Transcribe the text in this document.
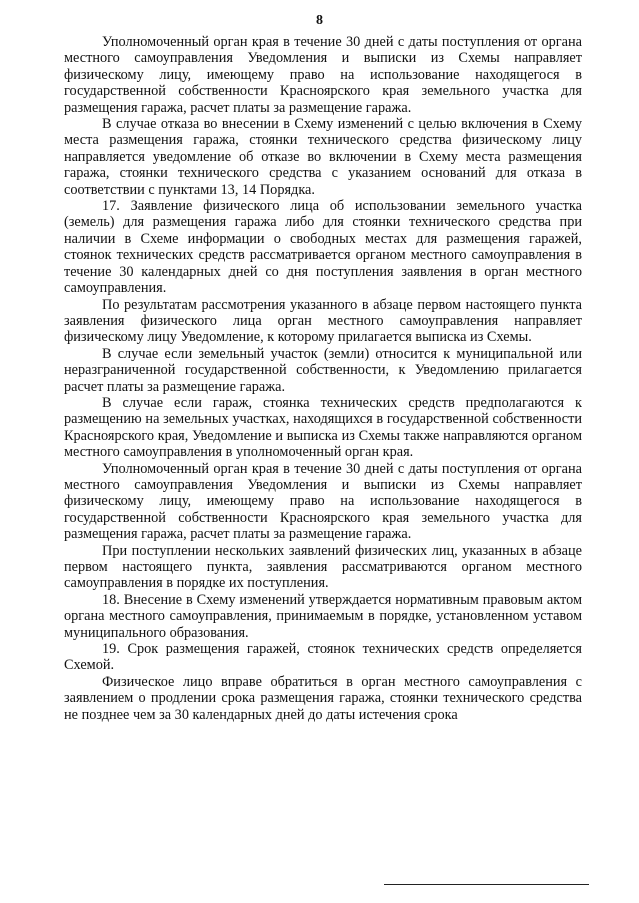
8

Уполномоченный орган края в течение 30 дней с даты поступления от органа местного самоуправления Уведомления и выписки из Схемы направляет физическому лицу, имеющему право на использование находящегося в государственной собственности Красноярского края земельного участка для размещения гаража, расчет платы за размещение гаража.

В случае отказа во внесении в Схему изменений с целью включения в Схему места размещения гаража, стоянки технического средства физическому лицу направляется уведомление об отказе во включении в Схему места размещения гаража, стоянки технического средства с указанием оснований для отказа в соответствии с пунктами 13, 14 Порядка.

17. Заявление физического лица об использовании земельного участка (земель) для размещения гаража либо для стоянки технического средства при наличии в Схеме информации о свободных местах для размещения гаражей, стоянок технических средств рассматривается органом местного самоуправления в течение 30 календарных дней со дня поступления заявления в орган местного самоуправления.

По результатам рассмотрения указанного в абзаце первом настоящего пункта заявления физического лица орган местного самоуправления направляет физическому лицу Уведомление, к которому прилагается выписка из Схемы.

В случае если земельный участок (земли) относится к муниципальной или неразграниченной государственной собственности, к Уведомлению прилагается расчет платы за размещение гаража.

В случае если гараж, стоянка технических средств предполагаются к размещению на земельных участках, находящихся в государственной собственности Красноярского края, Уведомление и выписка из Схемы также направляются органом местного самоуправления в уполномоченный орган края.

Уполномоченный орган края в течение 30 дней с даты поступления от органа местного самоуправления Уведомления и выписки из Схемы направляет физическому лицу, имеющему право на использование находящегося в государственной собственности Красноярского края земельного участка для размещения гаража, расчет платы за размещение гаража.

При поступлении нескольких заявлений физических лиц, указанных в абзаце первом настоящего пункта, заявления рассматриваются органом местного самоуправления в порядке их поступления.

18. Внесение в Схему изменений утверждается нормативным правовым актом органа местного самоуправления, принимаемым в порядке, установленном уставом муниципального образования.

19. Срок размещения гаражей, стоянок технических средств определяется Схемой.

Физическое лицо вправе обратиться в орган местного самоуправления с заявлением о продлении срока размещения гаража, стоянки технического средства не позднее чем за 30 календарных дней до даты истечения срока
